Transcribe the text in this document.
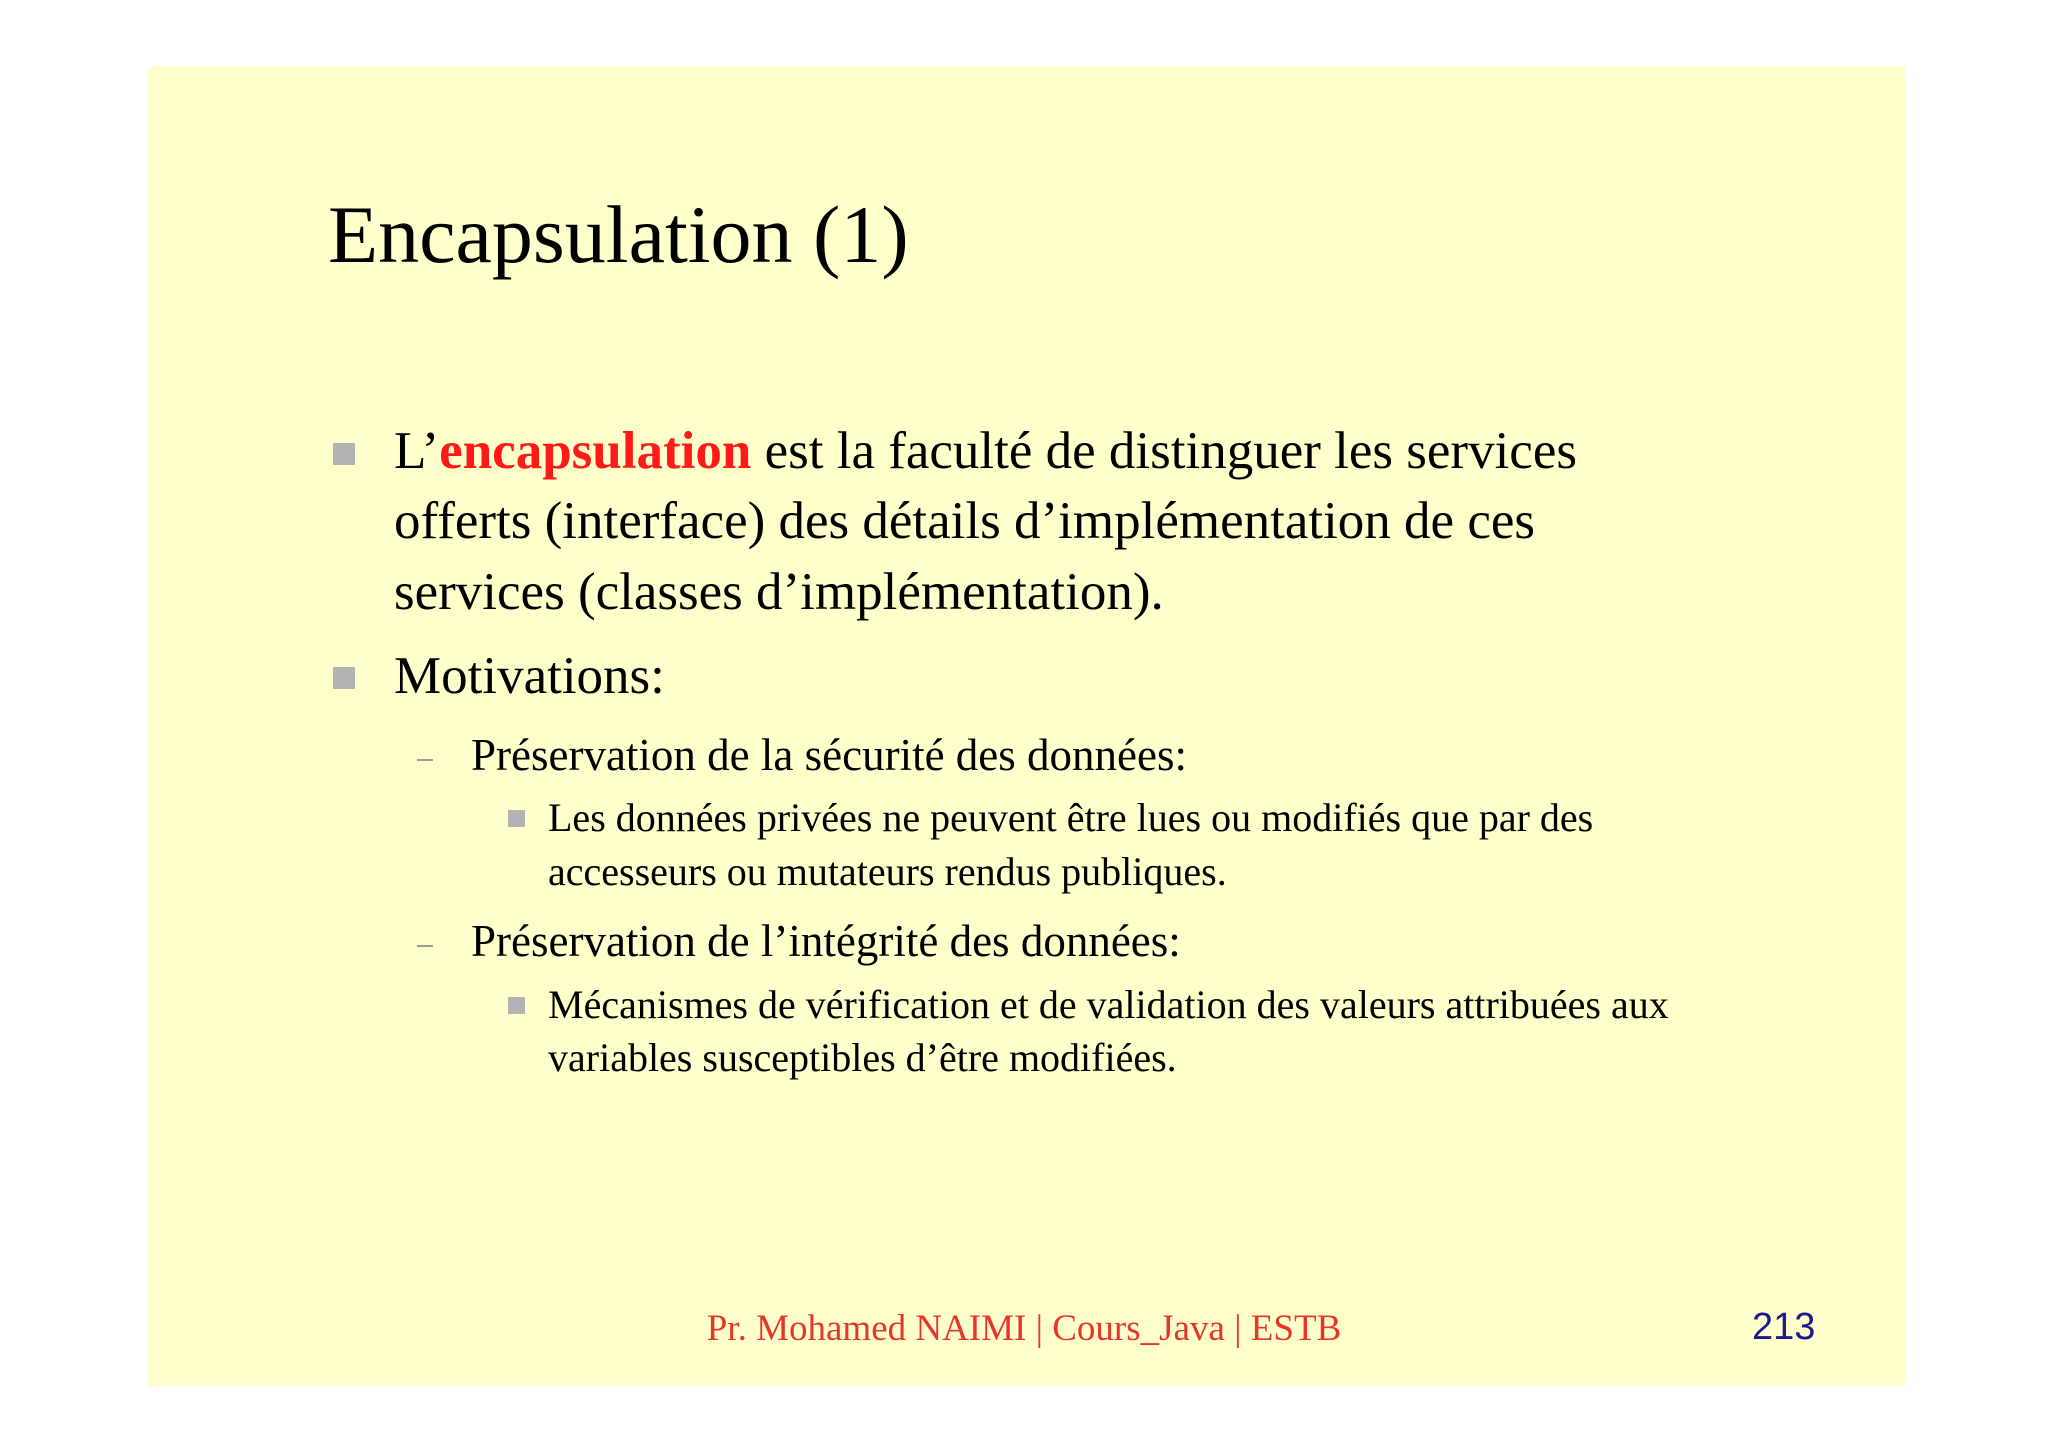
Encapsulation (1)
L’encapsulation est la faculté de distinguer les services
offerts (interface) des détails d’implémentation de ces
services (classes d’implémentation).
Motivations:
Préservation de la sécurité des données:
Les données privées ne peuvent être lues ou modifiés que par des
accesseurs ou mutateurs rendus publiques.
Préservation de l’intégrité des données:
Mécanismes de vérification et de validation des valeurs attribuées aux
variables susceptibles d’être modifiées.
Pr. Mohamed NAIMI | Cours_Java | ESTB	213
